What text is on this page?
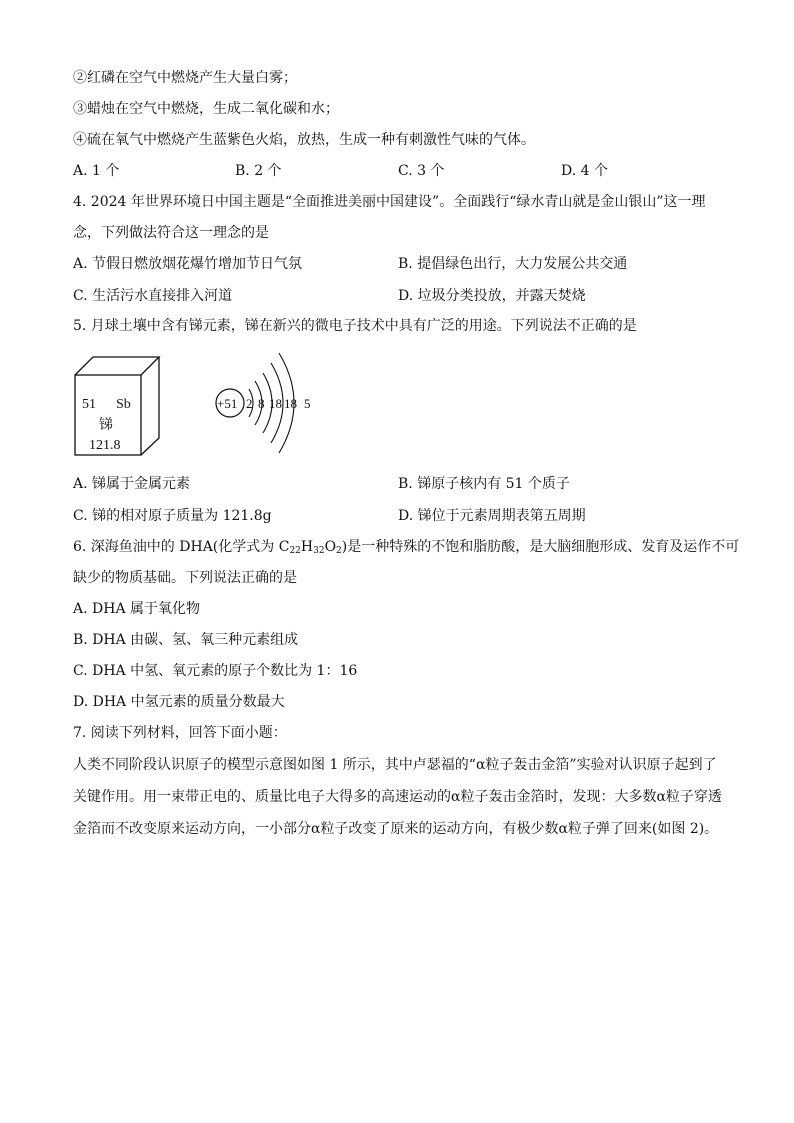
②红磷在空气中燃烧产生大量白雾；
③蜡烛在空气中燃烧，生成二氧化碳和水；
④硫在氧气中燃烧产生蓝紫色火焰，放热，生成一种有刺激性气味的气体。
A. 1 个	B. 2 个	C. 3 个	D. 4 个
4. 2024 年世界环境日中国主题是“全面推进美丽中国建设”。全面践行“绿水青山就是金山银山”这一理
念，下列做法符合这一理念的是
A. 节假日燃放烟花爆竹增加节日气氛	B. 提倡绿色出行，大力发展公共交通
C. 生活污水直接排入河道	D. 垃圾分类投放，并露天焚烧
5. 月球土壤中含有锑元素，锑在新兴的微电子技术中具有广泛的用途。下列说法不正确的是
51 Sb
锑
121.8
+51 2 8 18 18 5
A. 锑属于金属元素	B. 锑原子核内有 51 个质子
C. 锑的相对原子质量为 121.8g	D. 锑位于元素周期表第五周期
6. 深海鱼油中的 DHA(化学式为 $C_{22}H_{32}O_2$)是一种特殊的不饱和脂肪酸，是大脑细胞形成、发育及运作不可
缺少的物质基础。下列说法正确的是
A. DHA 属于氧化物
B. DHA 由碳、氢、氧三种元素组成
C. DHA 中氢、氧元素的原子个数比为 1：16
D. DHA 中氢元素的质量分数最大
7. 阅读下列材料，回答下面小题：
人类不同阶段认识原子的模型示意图如图 1 所示，其中卢瑟福的“α粒子轰击金箔”实验对认识原子起到了
关键作用。用一束带正电的、质量比电子大得多的高速运动的α粒子轰击金箔时，发现：大多数α粒子穿透
金箔而不改变原来运动方向，一小部分α粒子改变了原来的运动方向，有极少数α粒子弹了回来(如图 2)。
